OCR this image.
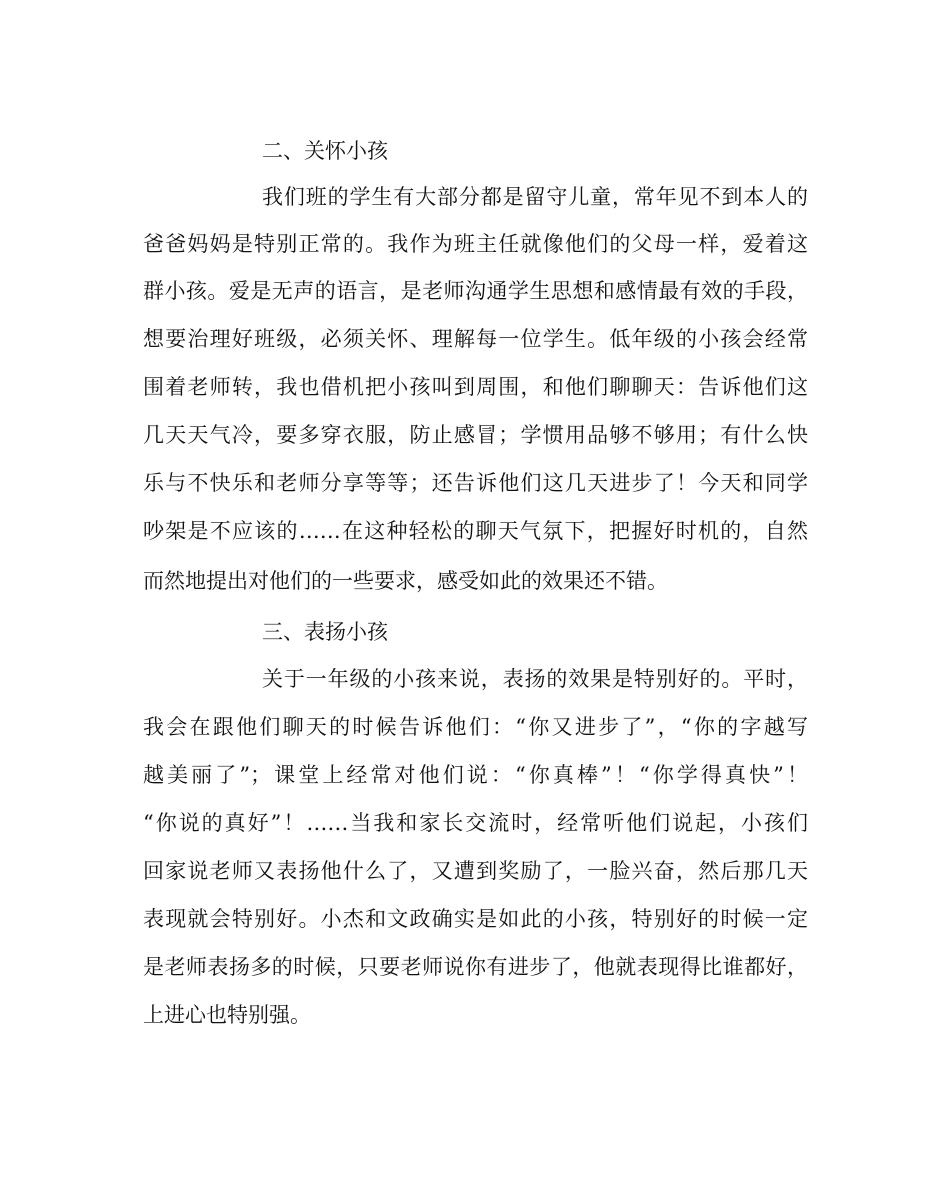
二、关怀小孩
我们班的学生有大部分都是留守儿童，常年见不到本人的
爸爸妈妈是特别正常的。我作为班主任就像他们的父母一样，爱着这
群小孩。爱是无声的语言，是老师沟通学生思想和感情最有效的手段，
想要治理好班级，必须关怀、理解每一位学生。低年级的小孩会经常
围着老师转，我也借机把小孩叫到周围，和他们聊聊天：告诉他们这
几天天气冷，要多穿衣服，防止感冒；学惯用品够不够用；有什么快
乐与不快乐和老师分享等等；还告诉他们这几天进步了！今天和同学
吵架是不应该的……在这种轻松的聊天气氛下，把握好时机的，自然
而然地提出对他们的一些要求，感受如此的效果还不错。
三、表扬小孩
关于一年级的小孩来说，表扬的效果是特别好的。平时，
我会在跟他们聊天的时候告诉他们：“你又进步了”，“你的字越写
越美丽了”；课堂上经常对他们说：“你真棒”！“你学得真快”！
“你说的真好”！……当我和家长交流时，经常听他们说起，小孩们
回家说老师又表扬他什么了，又遭到奖励了，一脸兴奋，然后那几天
表现就会特别好。小杰和文政确实是如此的小孩，特别好的时候一定
是老师表扬多的时候，只要老师说你有进步了，他就表现得比谁都好，
上进心也特别强。
